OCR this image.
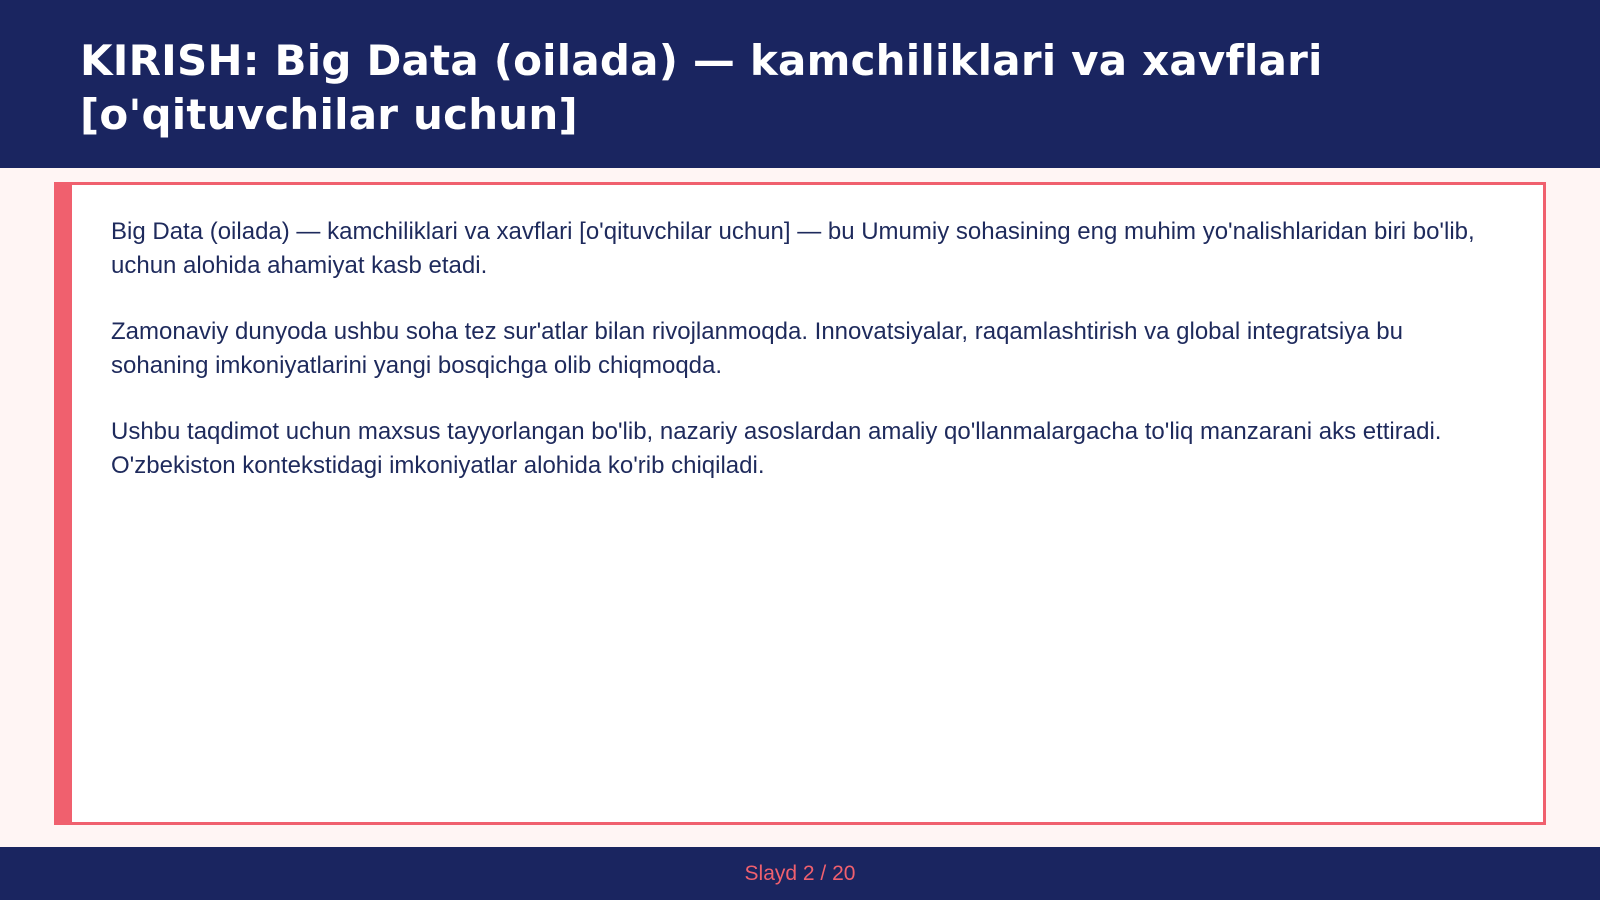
KIRISH: Big Data (oilada) — kamchiliklari va xavflari [o'qituvchilar uchun]

Big Data (oilada) — kamchiliklari va xavflari [o'qituvchilar uchun] — bu Umumiy sohasining eng muhim yo'nalishlaridan biri bo'lib, uchun alohida ahamiyat kasb etadi.

Zamonaviy dunyoda ushbu soha tez sur'atlar bilan rivojlanmoqda. Innovatsiyalar, raqamlashtirish va global integratsiya bu sohaning imkoniyatlarini yangi bosqichga olib chiqmoqda.

Ushbu taqdimot uchun maxsus tayyorlangan bo'lib, nazariy asoslardan amaliy qo'llanmalargacha to'liq manzarani aks ettiradi. O'zbekiston kontekstidagi imkoniyatlar alohida ko'rib chiqiladi.

Slayd 2 / 20
